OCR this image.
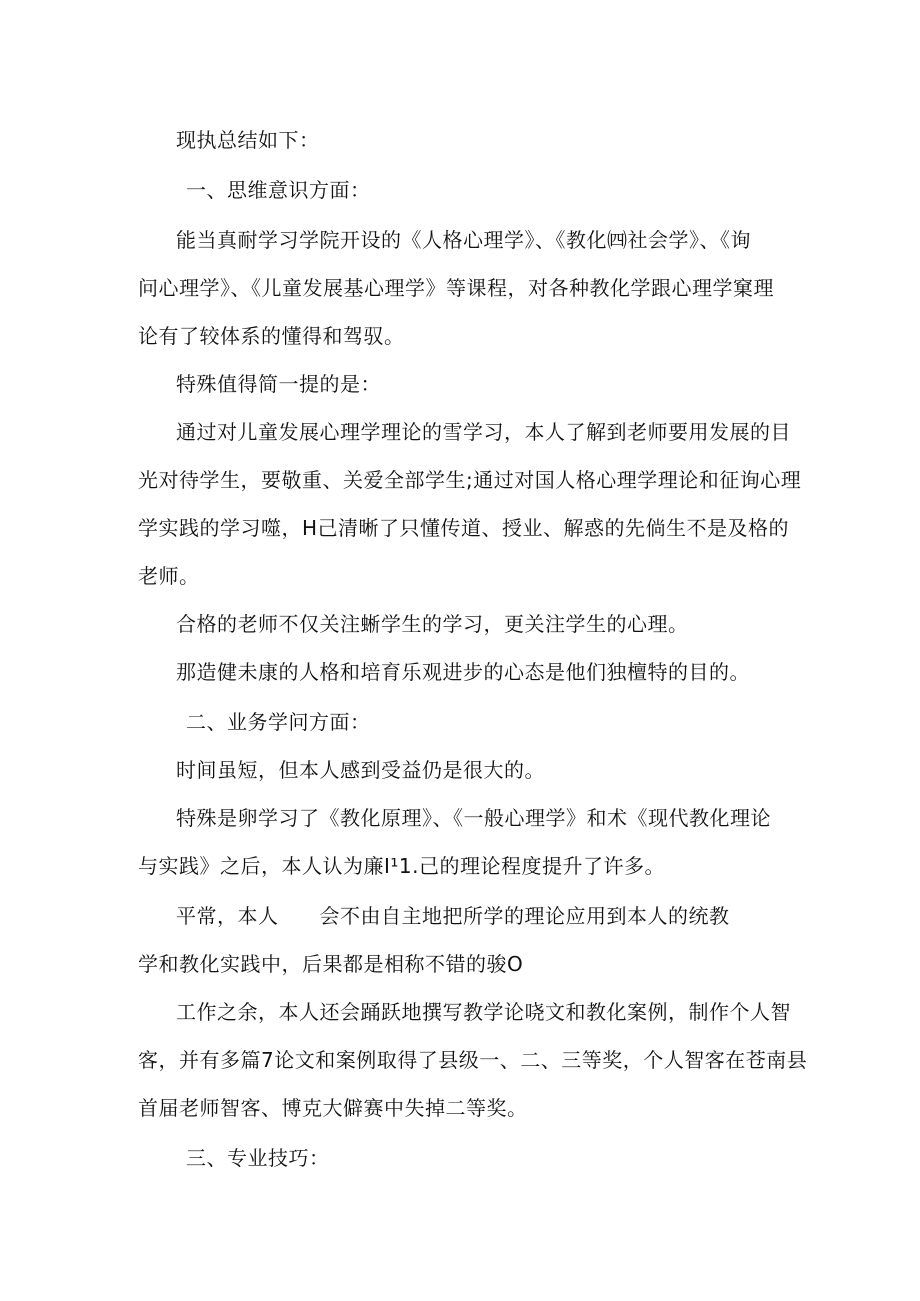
现执总结如下：
一、思维意识方面：
能当真耐学习学院开设的《人格心理学》、《教化㈣社会学》、《询
问心理学》、《儿童发展基心理学》等课程，对各种教化学跟心理学窠理
论有了较体系的懂得和驾驭。
特殊值得简一提的是：
通过对儿童发展心理学理论的雪学习，本人了解到老师要用发展的目
光对待学生，要敬重、关爱全部学生;通过对国人格心理学理论和征询心理
学实践的学习噬，H己清晰了只懂传道、授业、解惑的先倘生不是及格的
老师。
合格的老师不仅关注蜥学生的学习，更关注学生的心理。
那造健未康的人格和培育乐观进步的心态是他们独檀特的目的。
二、业务学问方面：
时间虽短，但本人感到受益仍是很大的。
特殊是卵学习了《教化原理》、《一般心理学》和术《现代教化理论
与实践》之后，本人认为廉I¹1.己的理论程度提升了许多。
平常，本人　　会不由自主地把所学的理论应用到本人的统教
学和教化实践中，后果都是相称不错的骏O
工作之余，本人还会踊跃地撰写教学论哓文和教化案例，制作个人智
客，并有多篇7论文和案例取得了县级一、二、三等奖，个人智客在苍南县
首届老师智客、博克大僻赛中失掉二等奖。
三、专业技巧：
